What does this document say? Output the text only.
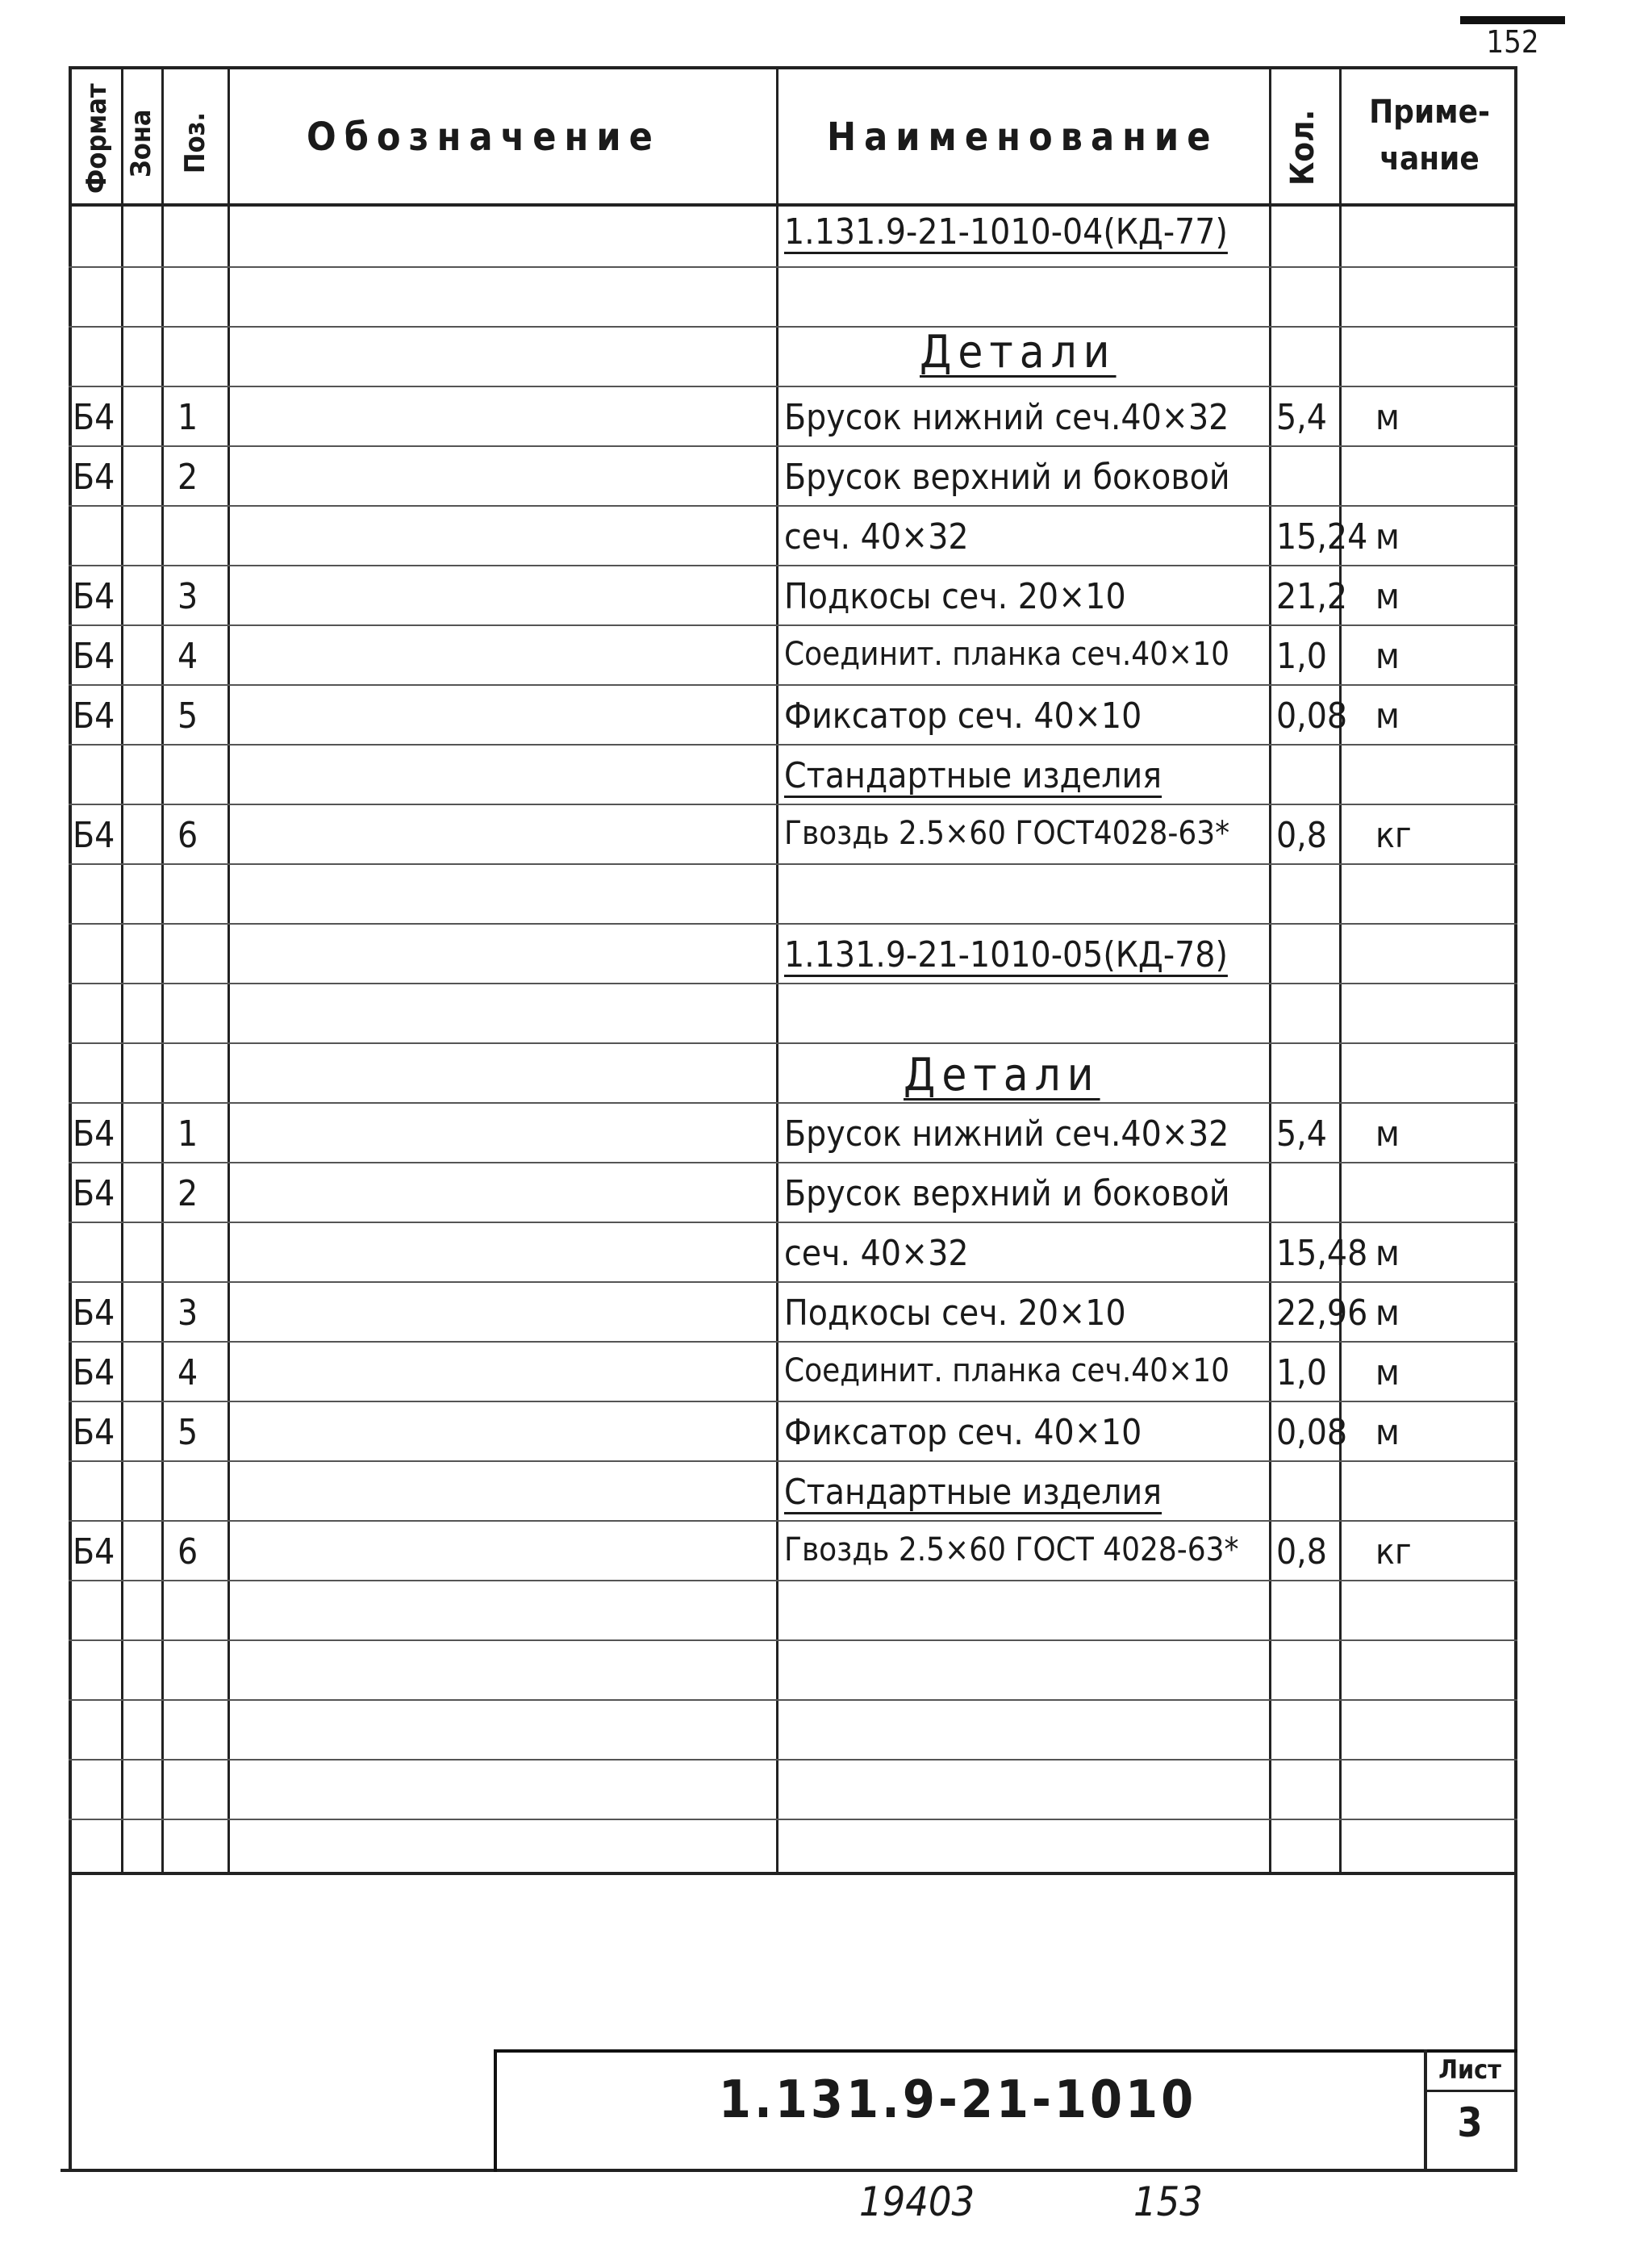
152
Формат Зона Поз. Обозначение	Наименование Кол.	Приме-
чание
1.131.9-21-1010-04(КД-77)
Детали
Б4 1	Брусок нижний сеч.40×32 5,4 м
Б4 2	Брусок верхний и боковой
сеч. 40×32	15,24 м
Б4 3	Подкосы сеч. 20×10	21,2 м
Б4 4	Соединит. планка сеч.40×10 1,0 м
Б4 5	Фиксатор сеч. 40×10	0,08 м
Стандартные изделия
Б4 6	Гвоздь 2.5×60 ГОСТ4028-63* 0,8 кг
1.131.9-21-1010-05(КД-78)
Детали
Б4 1	Брусок нижний сеч.40×32 5,4 м
Б4 2	Брусок верхний и боковой
сеч. 40×32	15,48 м
Б4 3	Подкосы сеч. 20×10	22,96 м
Б4 4	Соединит. планка сеч.40×10 1,0 м
Б4 5	Фиксатор сеч. 40×10	0,08 м
Стандартные изделия
Б4 6	Гвоздь 2.5×60 ГОСТ 4028-63* 0,8 кг
1.131.9-21-1010
Лист
3
19403	153
